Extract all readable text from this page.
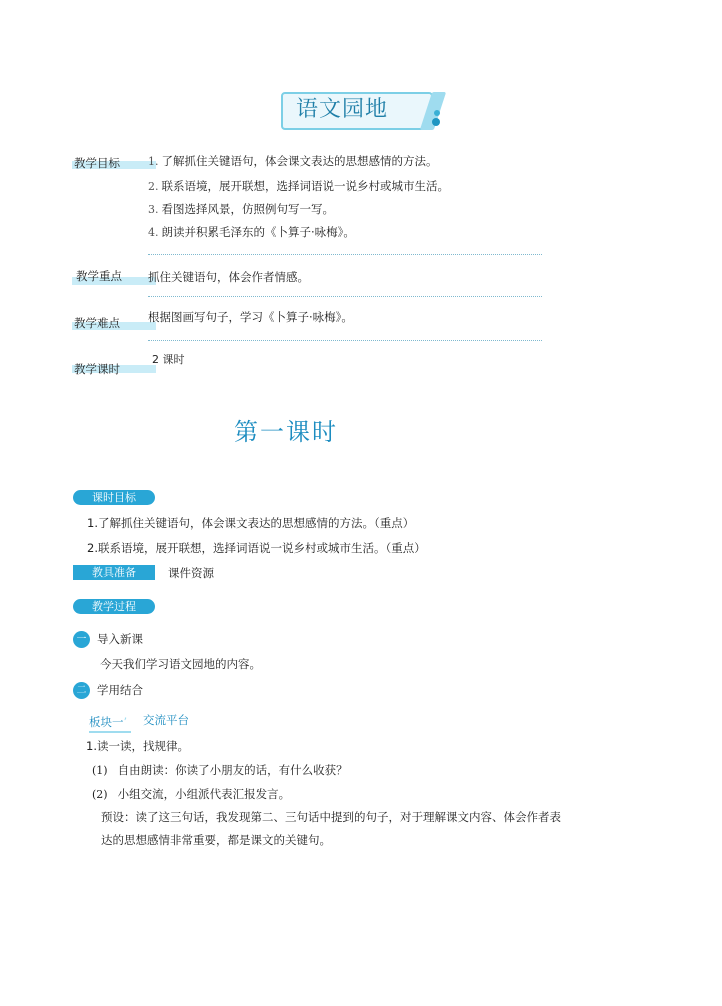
语文园地
教学目标	1. 了解抓住关键语句，体会课文表达的思想感情的方法。
2. 联系语境，展开联想，选择词语说一说乡村或城市生活。
3. 看图选择风景，仿照例句写一写。
4. 朗读并积累毛泽东的《卜算子·咏梅》。
教学重点 抓住关键语句，体会作者情感。
教学难点 根据图画写句子，学习《卜算子·咏梅》。
教学课时
2 课时
第一课时
课时目标
1.了解抓住关键语句，体会课文表达的思想感情的方法。（重点）
2.联系语境，展开联想，选择词语说一说乡村或城市生活。（重点）
教具准备	课件资源
教学过程
一 导入新课
今天我们学习语文园地的内容。
二 学用结合
板块一’ 交流平台
1.读一读，找规律。
(1) 自由朗读：你读了小朋友的话，有什么收获？
(2) 小组交流，小组派代表汇报发言。
预设：读了这三句话，我发现第二、三句话中提到的句子，对于理解课文内容、体会作者表
达的思想感情非常重要，都是课文的关键句。
